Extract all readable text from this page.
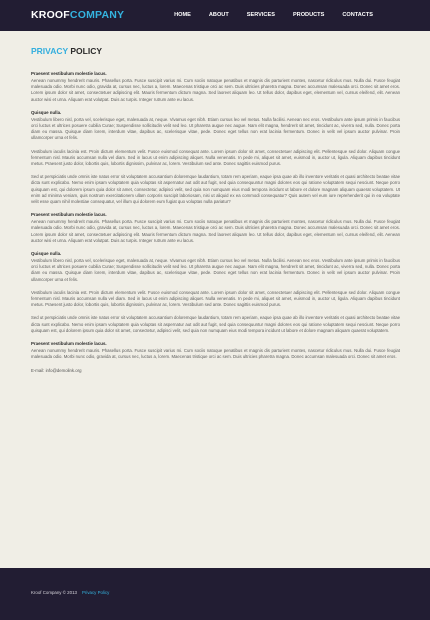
KROOFCOMPANY	HOME	ABOUT	SERVICES	PRODUCTS	CONTACTS
PRIVACY POLICY
Praesent vestibulum molestie lacus.
Aenean nonummy hendrerit mauris. Phasellus porta. Fusce suscipit varius mi. Cum sociis natoque penatibus et magnis dis parturient montes, nascetur ridiculus mus. Nulla dui. Fusce feugiat malesuada odio. Morbi nunc odio, gravida at, cursus nec, luctus a, lorem. Maecenas tristique orci ac sem. Duis ultricies pharetra magna. Donec accumsan malesuada orci. Donec sit amet eros. Lorem ipsum dolor sit amet, consectetuer adipiscing elit. Mauris fermentum dictum magna. Sed laoreet aliquam leo. Ut tellus dolor, dapibus eget, elementum vel, cursus eleifend, elit. Aenean auctor wisi et urna. Aliquam erat volutpat. Duis ac turpis. Integer rutrum ante eu lacus.
Quisque nulla.
Vestibulum libero nisl, porta vel, scelerisque eget, malesuada at, neque. Vivamus eget nibh. Etiam cursus leo vel metus. Nulla facilisi. Aenean nec eros. Vestibulum ante ipsum primis in faucibus orci luctus et ultrices posuere cubilia Curae; Suspendisse sollicitudin velit sed leo. Ut pharetra augue nec augue. Nam elit magna, hendrerit sit amet, tincidunt ac, viverra sed, nulla. Donec porta diam eu massa. Quisque diam lorem, interdum vitae, dapibus ac, scelerisque vitae, pede. Donec eget tellus non erat lacinia fermentum. Donec in velit vel ipsum auctor pulvinar. Proin ullamcorper urna et felis.
Vestibulum iaculis lacinia est. Proin dictum elementum velit. Fusce euismod consequat ante. Lorem ipsum dolor sit amet, consectetuer adipiscing elit. Pellentesque sed dolor. Aliquam congue fermentum nisl. Mauris accumsan nulla vel diam. Sed in lacus ut enim adipiscing aliquet. Nulla venenatis. In pede mi, aliquet sit amet, euismod in, auctor ut, ligula. Aliquam dapibus tincidunt metus. Praesent justo dolor, lobortis quis, lobortis dignissim, pulvinar ac, lorem. Vestibulum sed ante. Donec sagittis euismod purus.
Sed ut perspiciatis unde omnis iste natus error sit voluptatem accusantium doloremque laudantium, totam rem aperiam, eaque ipsa quae ab illo inventore veritatis et quasi architecto beatae vitae dicta sunt explicabo. Nemo enim ipsam voluptatem quia voluptas sit aspernatur aut odit aut fugit, sed quia consequuntur magni dolores eos qui ratione voluptatem sequi nesciunt. Neque porro quisquam est, qui dolorem ipsum quia dolor sit amet, consectetur, adipisci velit, sed quia non numquam eius modi tempora incidunt ut labore et dolore magnam aliquam quaerat voluptatem. Ut enim ad minima veniam, quis nostrum exercitationem ullam corporis suscipit laboriosam, nisi ut aliquid ex ea commodi consequatur? Quis autem vel eum iure reprehenderit qui in ea voluptate velit esse quam nihil molestiae consequatur, vel illum qui dolorem eum fugiat quo voluptas nulla pariatur?
Praesent vestibulum molestie lacus.
Aenean nonummy hendrerit mauris. Phasellus porta. Fusce suscipit varius mi. Cum sociis natoque penatibus et magnis dis parturient montes, nascetur ridiculus mus. Nulla dui. Fusce feugiat malesuada odio. Morbi nunc odio, gravida at, cursus nec, luctus a, lorem. Maecenas tristique orci ac sem. Duis ultricies pharetra magna. Donec accumsan malesuada orci. Donec sit amet eros. Lorem ipsum dolor sit amet, consectetuer adipiscing elit. Mauris fermentum dictum magna. Sed laoreet aliquam leo. Ut tellus dolor, dapibus eget, elementum vel, cursus eleifend, elit. Aenean auctor wisi et urna. Aliquam erat volutpat. Duis ac turpis. Integer rutrum ante eu lacus.
Quisque nulla.
Vestibulum libero nisl, porta vel, scelerisque eget, malesuada at, neque. Vivamus eget nibh. Etiam cursus leo vel metus. Nulla facilisi. Aenean nec eros. Vestibulum ante ipsum primis in faucibus orci luctus et ultrices posuere cubilia Curae; Suspendisse sollicitudin velit sed leo. Ut pharetra augue nec augue. Nam elit magna, hendrerit sit amet, tincidunt ac, viverra sed, nulla. Donec porta diam eu massa. Quisque diam lorem, interdum vitae, dapibus ac, scelerisque vitae, pede. Donec eget tellus non erat lacinia fermentum. Donec in velit vel ipsum auctor pulvinar. Proin ullamcorper urna et felis.
Vestibulum iaculis lacinia est. Proin dictum elementum velit. Fusce euismod consequat ante. Lorem ipsum dolor sit amet, consectetuer adipiscing elit. Pellentesque sed dolor. Aliquam congue fermentum nisl. Mauris accumsan nulla vel diam. Sed in lacus ut enim adipiscing aliquet. Nulla venenatis. In pede mi, aliquet sit amet, euismod in, auctor ut, ligula. Aliquam dapibus tincidunt metus. Praesent justo dolor, lobortis quis, lobortis dignissim, pulvinar ac, lorem. Vestibulum sed ante. Donec sagittis euismod purus.
Sed ut perspiciatis unde omnis iste natus error sit voluptatem accusantium doloremque laudantium, totam rem aperiam, eaque ipsa quae ab illo inventore veritatis et quasi architecto beatae vitae dicta sunt explicabo. Nemo enim ipsam voluptatem quia voluptas sit aspernatur aut odit aut fugit, sed quia consequuntur magni dolores eos qui ratione voluptatem sequi nesciunt. Neque porro quisquam est, qui dolorem ipsum quia dolor sit amet, consectetur, adipisci velit, sed quia non numquam eius modi tempora incidunt ut labore et dolore magnam aliquam quaerat voluptatem.
Praesent vestibulum molestie lacus.
Aenean nonummy hendrerit mauris. Phasellus porta. Fusce suscipit varius mi. Cum sociis natoque penatibus et magnis dis parturient montes, nascetur ridiculus mus. Nulla dui. Fusce feugiat malesuada odio. Morbi nunc odio, gravida at, cursus nec, luctus a, lorem. Maecenas tristique orci ac sem. Duis ultricies pharetra magna. Donec accumsan malesuada orci. Donec sit amet eros.
E-mail: info@demolink.org
Kroof Company © 2013 Privacy Policy
